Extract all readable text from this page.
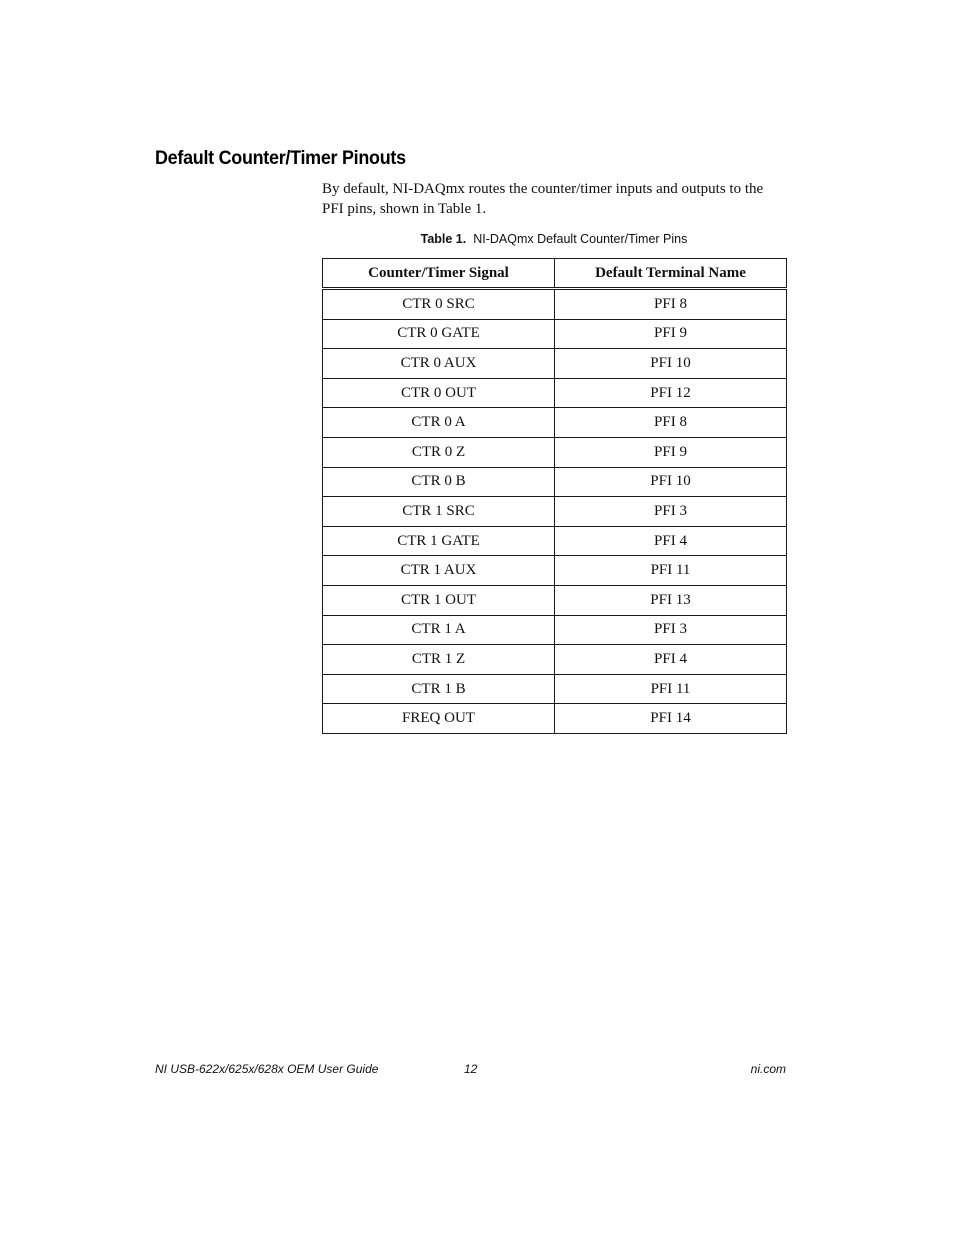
Default Counter/Timer Pinouts

By default, NI-DAQmx routes the counter/timer inputs and outputs to the PFI pins, shown in Table 1.

Table 1. NI-DAQmx Default Counter/Timer Pins
Counter/Timer Signal	Default Terminal Name
CTR 0 SRC	PFI 8
CTR 0 GATE	PFI 9
CTR 0 AUX	PFI 10
CTR 0 OUT	PFI 12
CTR 0 A	PFI 8
CTR 0 Z	PFI 9
CTR 0 B	PFI 10
CTR 1 SRC	PFI 3
CTR 1 GATE	PFI 4
CTR 1 AUX	PFI 11
CTR 1 OUT	PFI 13
CTR 1 A	PFI 3
CTR 1 Z	PFI 4
CTR 1 B	PFI 11
FREQ OUT	PFI 14
NI USB-622x/625x/628x OEM User Guide	12	ni.com
